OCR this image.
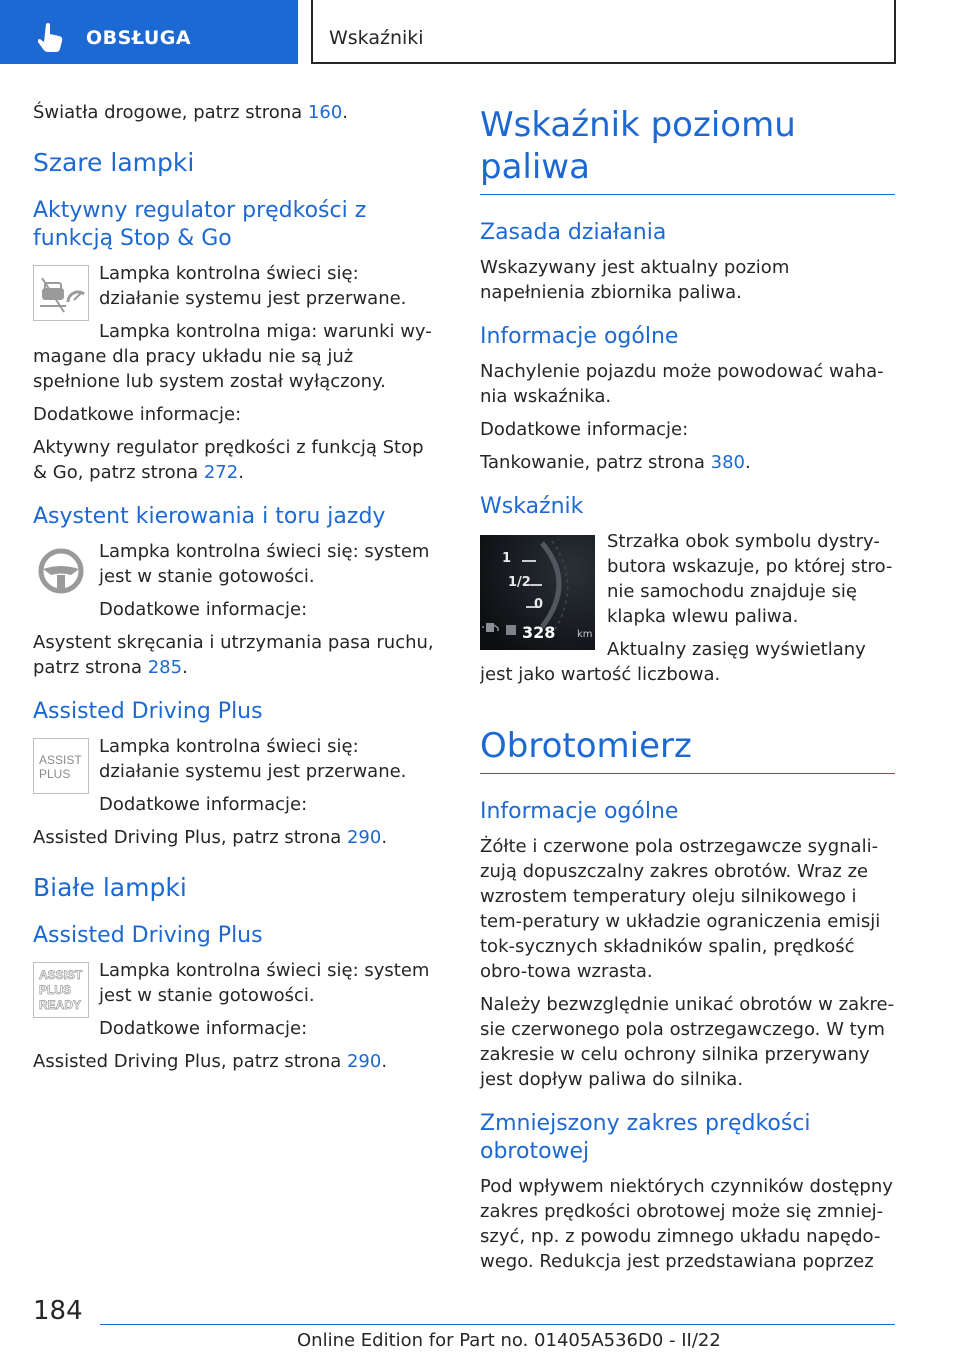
OBSŁUGA	Wskaźniki

Światła drogowe, patrz strona 160.

Szare lampki
Aktywny regulator prędkości z funkcją Stop & Go

Lampka kontrolna świeci się: działanie systemu jest przerwane.

Lampka kontrolna miga: warunki wy-magane dla pracy układu nie są już spełnione lub system został wyłączony.

Dodatkowe informacje:

Aktywny regulator prędkości z funkcją Stop & Go, patrz strona 272.

Asystent kierowania i toru jazdy

Lampka kontrolna świeci się: system jest w stanie gotowości.

Dodatkowe informacje:

Asystent skręcania i utrzymania pasa ruchu, patrz strona 285.

Assisted Driving Plus
ASSIST
PLUS

Lampka kontrolna świeci się: działanie systemu jest przerwane.

Dodatkowe informacje:

Assisted Driving Plus, patrz strona 290.

Białe lampki
Assisted Driving Plus
ASSIST
PLUS
READY

Lampka kontrolna świeci się: system jest w stanie gotowości.

Dodatkowe informacje:

Assisted Driving Plus, patrz strona 290.

Wskaźnik poziomu paliwa
Zasada działania

Wskazywany jest aktualny poziom napełnienia zbiornika paliwa.

Informacje ogólne

Nachylenie pojazdu może powodować waha-nia wskaźnika.

Dodatkowe informacje:

Tankowanie, patrz strona 380.

Wskaźnik
1
1/2
0
328 km

Strzałka obok symbolu dystry-butora wskazuje, po której stro-nie samochodu znajduje się klapka wlewu paliwa.

Aktualny zasięg wyświetlany jest jako wartość liczbowa.

Obrotomierz
Informacje ogólne

Żółte i czerwone pola ostrzegawcze sygnali-zują dopuszczalny zakres obrotów. Wraz ze wzrostem temperatury oleju silnikowego i tem-peratury w układzie ograniczenia emisji tok-sycznych składników spalin, prędkość obro-towa wzrasta.

Należy bezwzględnie unikać obrotów w zakre-sie czerwonego pola ostrzegawczego. W tym zakresie w celu ochrony silnika przerywany jest dopływ paliwa do silnika.

Zmniejszony zakres prędkości obrotowej

Pod wpływem niektórych czynników dostępny zakres prędkości obrotowej może się zmniej-szyć, np. z powodu zimnego układu napędo-wego. Redukcja jest przedstawiana poprzez

184
Online Edition for Part no. 01405A536D0 - II/22
